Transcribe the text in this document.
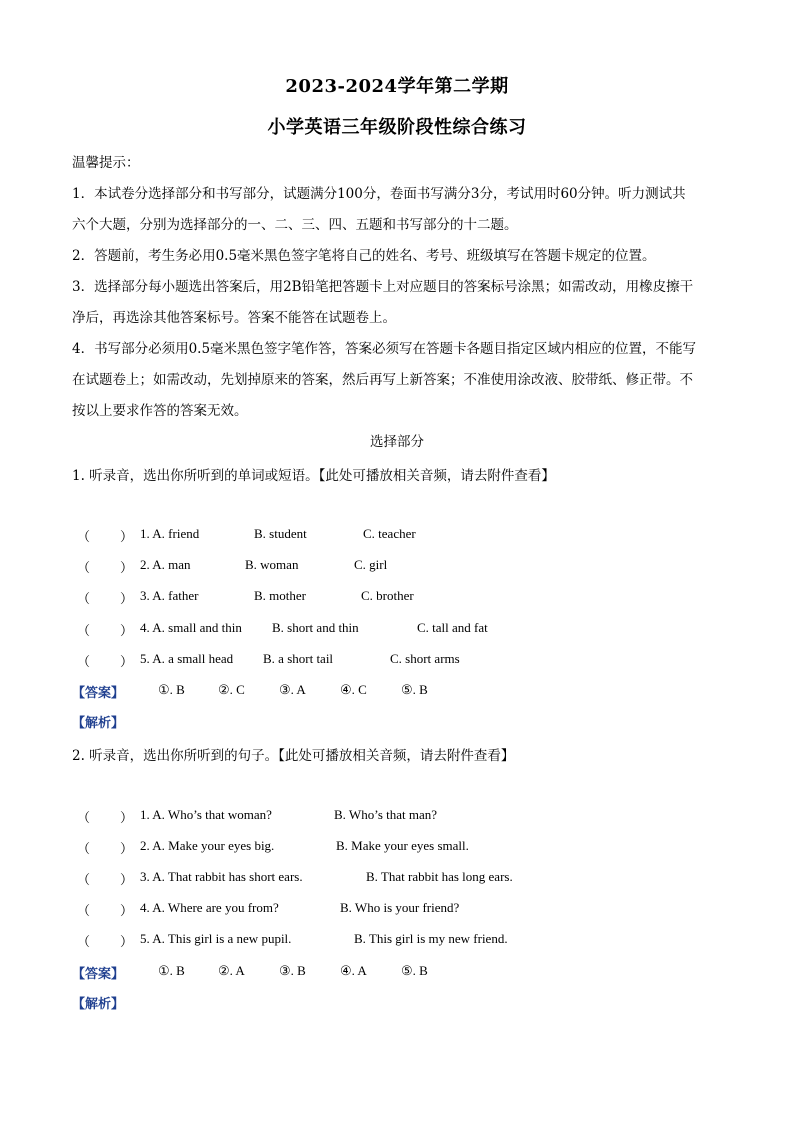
2023-2024学年第二学期
小学英语三年级阶段性综合练习
温馨提示：
1．本试卷分选择部分和书写部分，试题满分100分，卷面书写满分3分，考试用时60分钟。听力测试共
六个大题，分别为选择部分的一、二、三、四、五题和书写部分的十二题。
2．答题前，考生务必用0.5毫米黑色签字笔将自己的姓名、考号、班级填写在答题卡规定的位置。
3．选择部分每小题选出答案后，用2B铅笔把答题卡上对应题目的答案标号涂黑；如需改动，用橡皮擦干
净后，再选涂其他答案标号。答案不能答在试题卷上。
4．书写部分必须用0.5毫米黑色签字笔作答，答案必须写在答题卡各题目指定区域内相应的位置，不能写
在试题卷上；如需改动，先划掉原来的答案，然后再写上新答案；不准使用涂改液、胶带纸、修正带。不
按以上要求作答的答案无效。
选择部分
1. 听录音，选出你所听到的单词或短语。【此处可播放相关音频，请去附件查看】
（ ） 1. A. friend	B. student	C. teacher
（ ） 2. A. man	B. woman	C. girl
（ ） 3. A. father	B. mother	C. brother
（ ） 4. A. small and thin B. short and thin	C. tall and fat
（ ） 5. A. a small head B. a short tail	C. short arms
【答案】	①. B	②. C	③. A	④. C	⑤. B
【解析】
2. 听录音，选出你所听到的句子。【此处可播放相关音频，请去附件查看】
（ ） 1. A. Who’s that woman?	B. Who’s that man?
（ ） 2. A. Make your eyes big.	B. Make your eyes small.
（ ） 3. A. That rabbit has short ears.	B. That rabbit has long ears.
（ ） 4. A. Where are you from?	B. Who is your friend?
（ ） 5. A. This girl is a new pupil.	B. This girl is my new friend.
【答案】	①. B	②. A	③. B	④. A	⑤. B
【解析】
